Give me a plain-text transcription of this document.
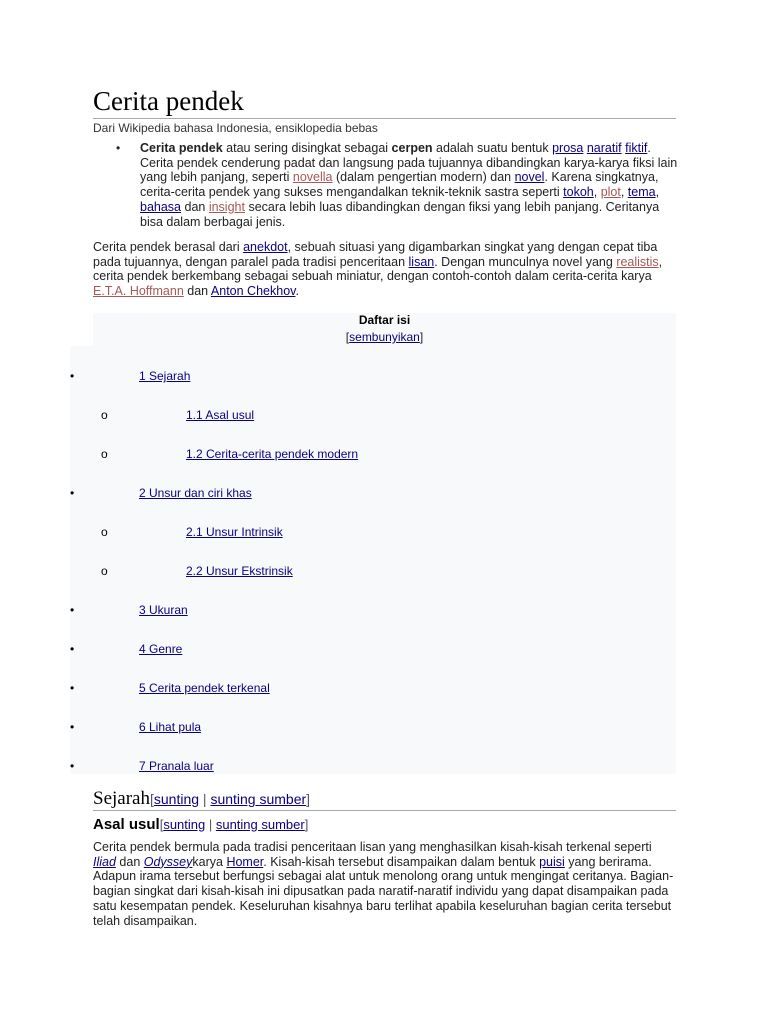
Cerita pendek
Dari Wikipedia bahasa Indonesia, ensiklopedia bebas
• Cerita pendek atau sering disingkat sebagai cerpen adalah suatu bentuk prosa naratif fiktif. Cerita pendek cenderung padat dan langsung pada tujuannya dibandingkan karya-karya fiksi lain yang lebih panjang, seperti novella (dalam pengertian modern) dan novel. Karena singkatnya, cerita-cerita pendek yang sukses mengandalkan teknik-teknik sastra seperti tokoh, plot, tema, bahasa dan insight secara lebih luas dibandingkan dengan fiksi yang lebih panjang. Ceritanya bisa dalam berbagai jenis.

Cerita pendek berasal dari anekdot, sebuah situasi yang digambarkan singkat yang dengan cepat tiba pada tujuannya, dengan paralel pada tradisi penceritaan lisan. Dengan munculnya novel yang realistis, cerita pendek berkembang sebagai sebuah miniatur, dengan contoh-contoh dalam cerita-cerita karya E.T.A. Hoffmann dan Anton Chekhov.

Daftar isi
[sembunyikan]
•	1 Sejarah
o	1.1 Asal usul
o	1.2 Cerita-cerita pendek modern
•	2 Unsur dan ciri khas
o	2.1 Unsur Intrinsik
o	2.2 Unsur Ekstrinsik
•	3 Ukuran
•	4 Genre
•	5 Cerita pendek terkenal
•	6 Lihat pula
•	7 Pranala luar
Sejarah[sunting | sunting sumber]
Asal usul[sunting | sunting sumber]

Cerita pendek bermula pada tradisi penceritaan lisan yang menghasilkan kisah-kisah terkenal seperti Iliad dan Odysseykarya Homer. Kisah-kisah tersebut disampaikan dalam bentuk puisi yang berirama. Adapun irama tersebut berfungsi sebagai alat untuk menolong orang untuk mengingat ceritanya. Bagian-bagian singkat dari kisah-kisah ini dipusatkan pada naratif-naratif individu yang dapat disampaikan pada satu kesempatan pendek. Keseluruhan kisahnya baru terlihat apabila keseluruhan bagian cerita tersebut telah disampaikan.
